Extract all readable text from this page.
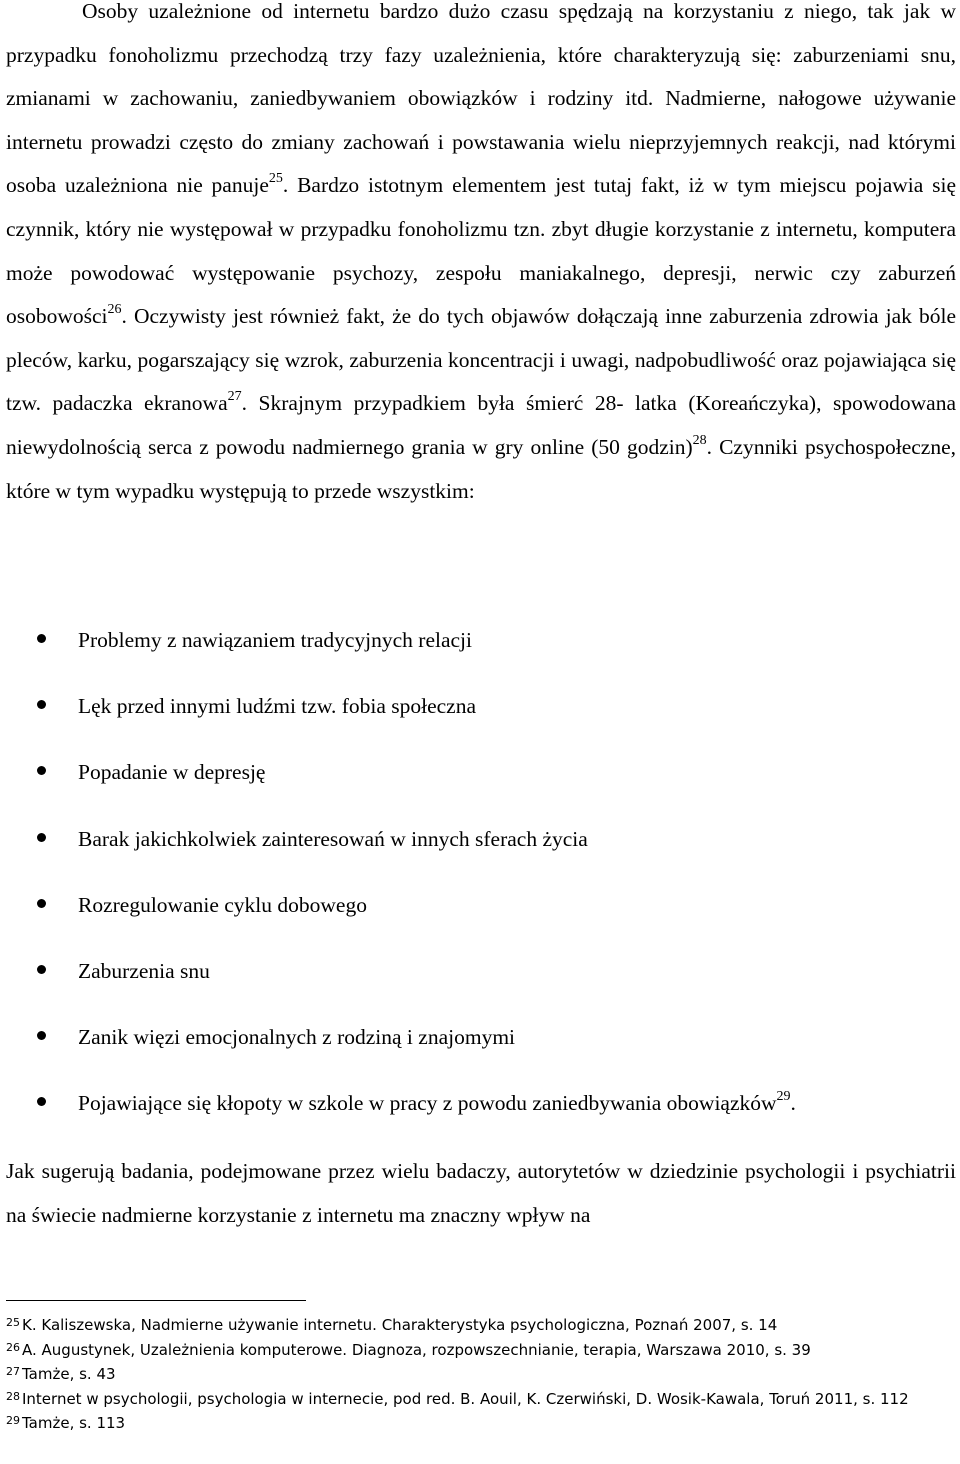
Osoby uzależnione od internetu bardzo dużo czasu spędzają na korzystaniu z niego, tak jak w przypadku fonoholizmu przechodzą trzy fazy uzależnienia, które charakteryzują się: zaburzeniami snu, zmianami w zachowaniu, zaniedbywaniem obowiązków i rodziny itd. Nadmierne, nałogowe używanie internetu prowadzi często do zmiany zachowań i powstawania wielu nieprzyjemnych reakcji, nad którymi osoba uzależniona nie panuje$^{25}$. Bardzo istotnym elementem jest tutaj fakt, iż w tym miejscu pojawia się czynnik, który nie występował w przypadku fonoholizmu tzn. zbyt długie korzystanie z internetu, komputera może powodować występowanie psychozy, zespołu maniakalnego, depresji, nerwic czy zaburzeń osobowości$^{26}$. Oczywisty jest również fakt, że do tych objawów dołączają inne zaburzenia zdrowia jak bóle pleców, karku, pogarszający się wzrok, zaburzenia koncentracji i uwagi, nadpobudliwość oraz pojawiająca się tzw. padaczka ekranowa$^{27}$. Skrajnym przypadkiem była śmierć 28- latka (Koreańczyka), spowodowana niewydolnością serca z powodu nadmiernego grania w gry online (50 godzin)$^{28}$. Czynniki psychospołeczne, które w tym wypadku występują to przede wszystkim:

Problemy z nawiązaniem tradycyjnych relacji
Lęk przed innymi ludźmi tzw. fobia społeczna
Popadanie w depresję
Barak jakichkolwiek zainteresowań w innych sferach życia
Rozregulowanie cyklu dobowego
Zaburzenia snu
Zanik więzi emocjonalnych z rodziną i znajomymi
Pojawiające się kłopoty w szkole w pracy z powodu zaniedbywania obowiązków$^{29}$.

Jak sugerują badania, podejmowane przez wielu badaczy, autorytetów w dziedzinie psychologii i psychiatrii na świecie nadmierne korzystanie z internetu ma znaczny wpływ na

$^{25}$ K. Kaliszewska, Nadmierne używanie internetu. Charakterystyka psychologiczna, Poznań 2007, s. 14

$^{26}$ A. Augustynek, Uzależnienia komputerowe. Diagnoza, rozpowszechnianie, terapia, Warszawa 2010, s. 39

$^{27}$ Tamże, s. 43

$^{28}$ Internet w psychologii, psychologia w internecie, pod red. B. Aouil, K. Czerwiński, D. Wosik-Kawala, Toruń 2011, s. 112

$^{29}$ Tamże, s. 113
